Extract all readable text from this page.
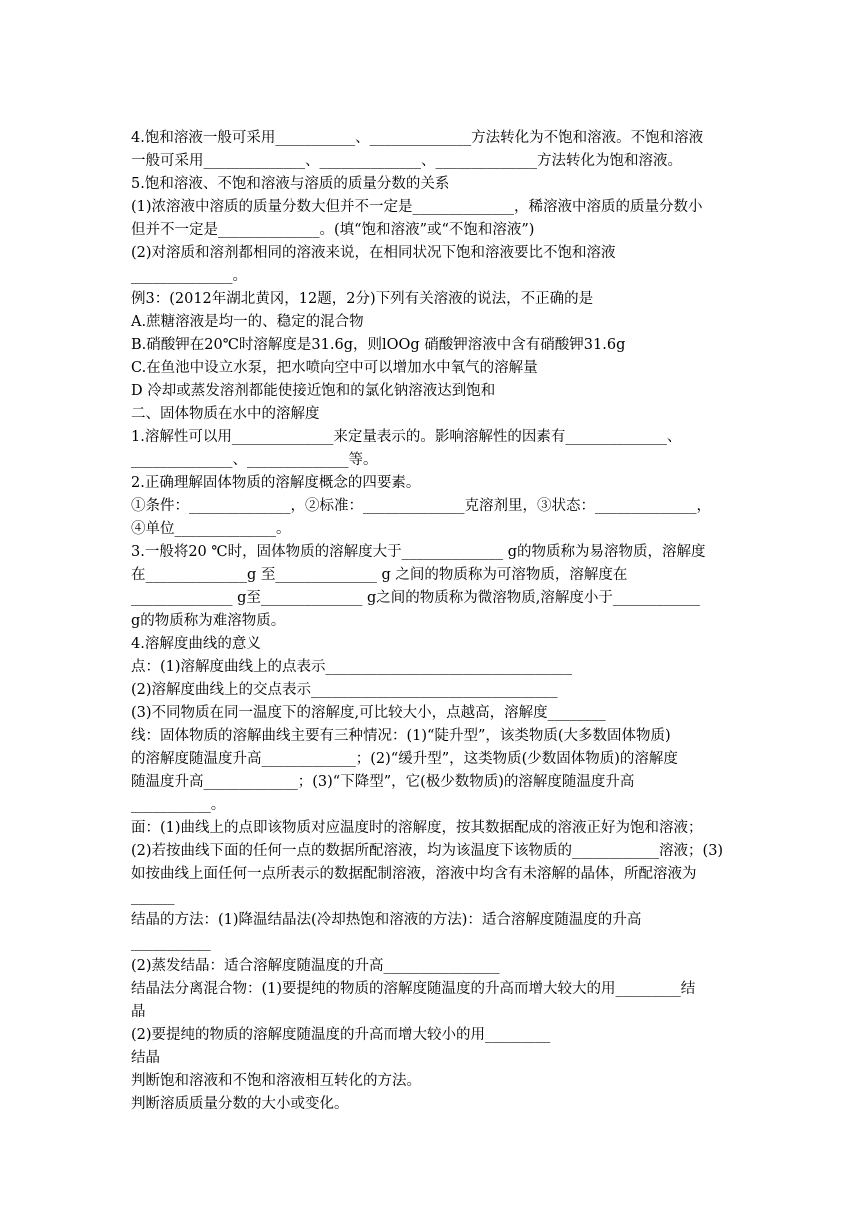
4.饱和溶液一般可采用___________、______________方法转化为不饱和溶液。不饱和溶液
一般可采用______________、______________、______________方法转化为饱和溶液。
5.饱和溶液、不饱和溶液与溶质的质量分数的关系
(1)浓溶液中溶质的质量分数大但并不一定是______________，稀溶液中溶质的质量分数小
但并不一定是______________。(填“饱和溶液”或“不饱和溶液”)
(2)对溶质和溶剂都相同的溶液来说，在相同状况下饱和溶液要比不饱和溶液
______________。
例3：(2012年湖北黄冈，12题，2分)下列有关溶液的说法，不正确的是
A.蔗糖溶液是均一的、稳定的混合物
B.硝酸钾在20℃时溶解度是31.6g，则lOOg 硝酸钾溶液中含有硝酸钾31.6g
C.在鱼池中设立水泵，把水喷向空中可以增加水中氧气的溶解量
D 冷却或蒸发溶剂都能使接近饱和的氯化钠溶液达到饱和
二、固体物质在水中的溶解度
1.溶解性可以用______________来定量表示的。影响溶解性的因素有______________、
______________、______________等。
2.正确理解固体物质的溶解度概念的四要素。
①条件：______________，②标准：______________克溶剂里，③状态：______________，
④单位______________。
3.一般将20 ℃时，固体物质的溶解度大于______________ g的物质称为易溶物质，溶解度
在______________g 至______________ g 之间的物质称为可溶物质，溶解度在
______________ g至______________ g之间的物质称为微溶物质,溶解度小于____________
g的物质称为难溶物质。
4.溶解度曲线的意义
点：(1)溶解度曲线上的点表示__________________________________
(2)溶解度曲线上的交点表示__________________________________
(3)不同物质在同一温度下的溶解度,可比较大小，点越高，溶解度________
线：固体物质的溶解曲线主要有三种情况：(1)“陡升型”，该类物质(大多数固体物质)
的溶解度随温度升高_____________；(2)“缓升型”，这类物质(少数固体物质)的溶解度
随温度升高_____________；(3)“下降型”，它(极少数物质)的溶解度随温度升高
___________。
面：(1)曲线上的点即该物质对应温度时的溶解度，按其数据配成的溶液正好为饱和溶液；
(2)若按曲线下面的任何一点的数据所配溶液，均为该温度下该物质的____________溶液；(3)
如按曲线上面任何一点所表示的数据配制溶液，溶液中均含有未溶解的晶体，所配溶液为
______
结晶的方法：(1)降温结晶法(冷却热饱和溶液的方法)：适合溶解度随温度的升高
___________
(2)蒸发结晶：适合溶解度随温度的升高________________
结晶法分离混合物：(1)要提纯的物质的溶解度随温度的升高而增大较大的用_________结
晶
(2)要提纯的物质的溶解度随温度的升高而增大较小的用_________
结晶
判断饱和溶液和不饱和溶液相互转化的方法。
判断溶质质量分数的大小或变化。
